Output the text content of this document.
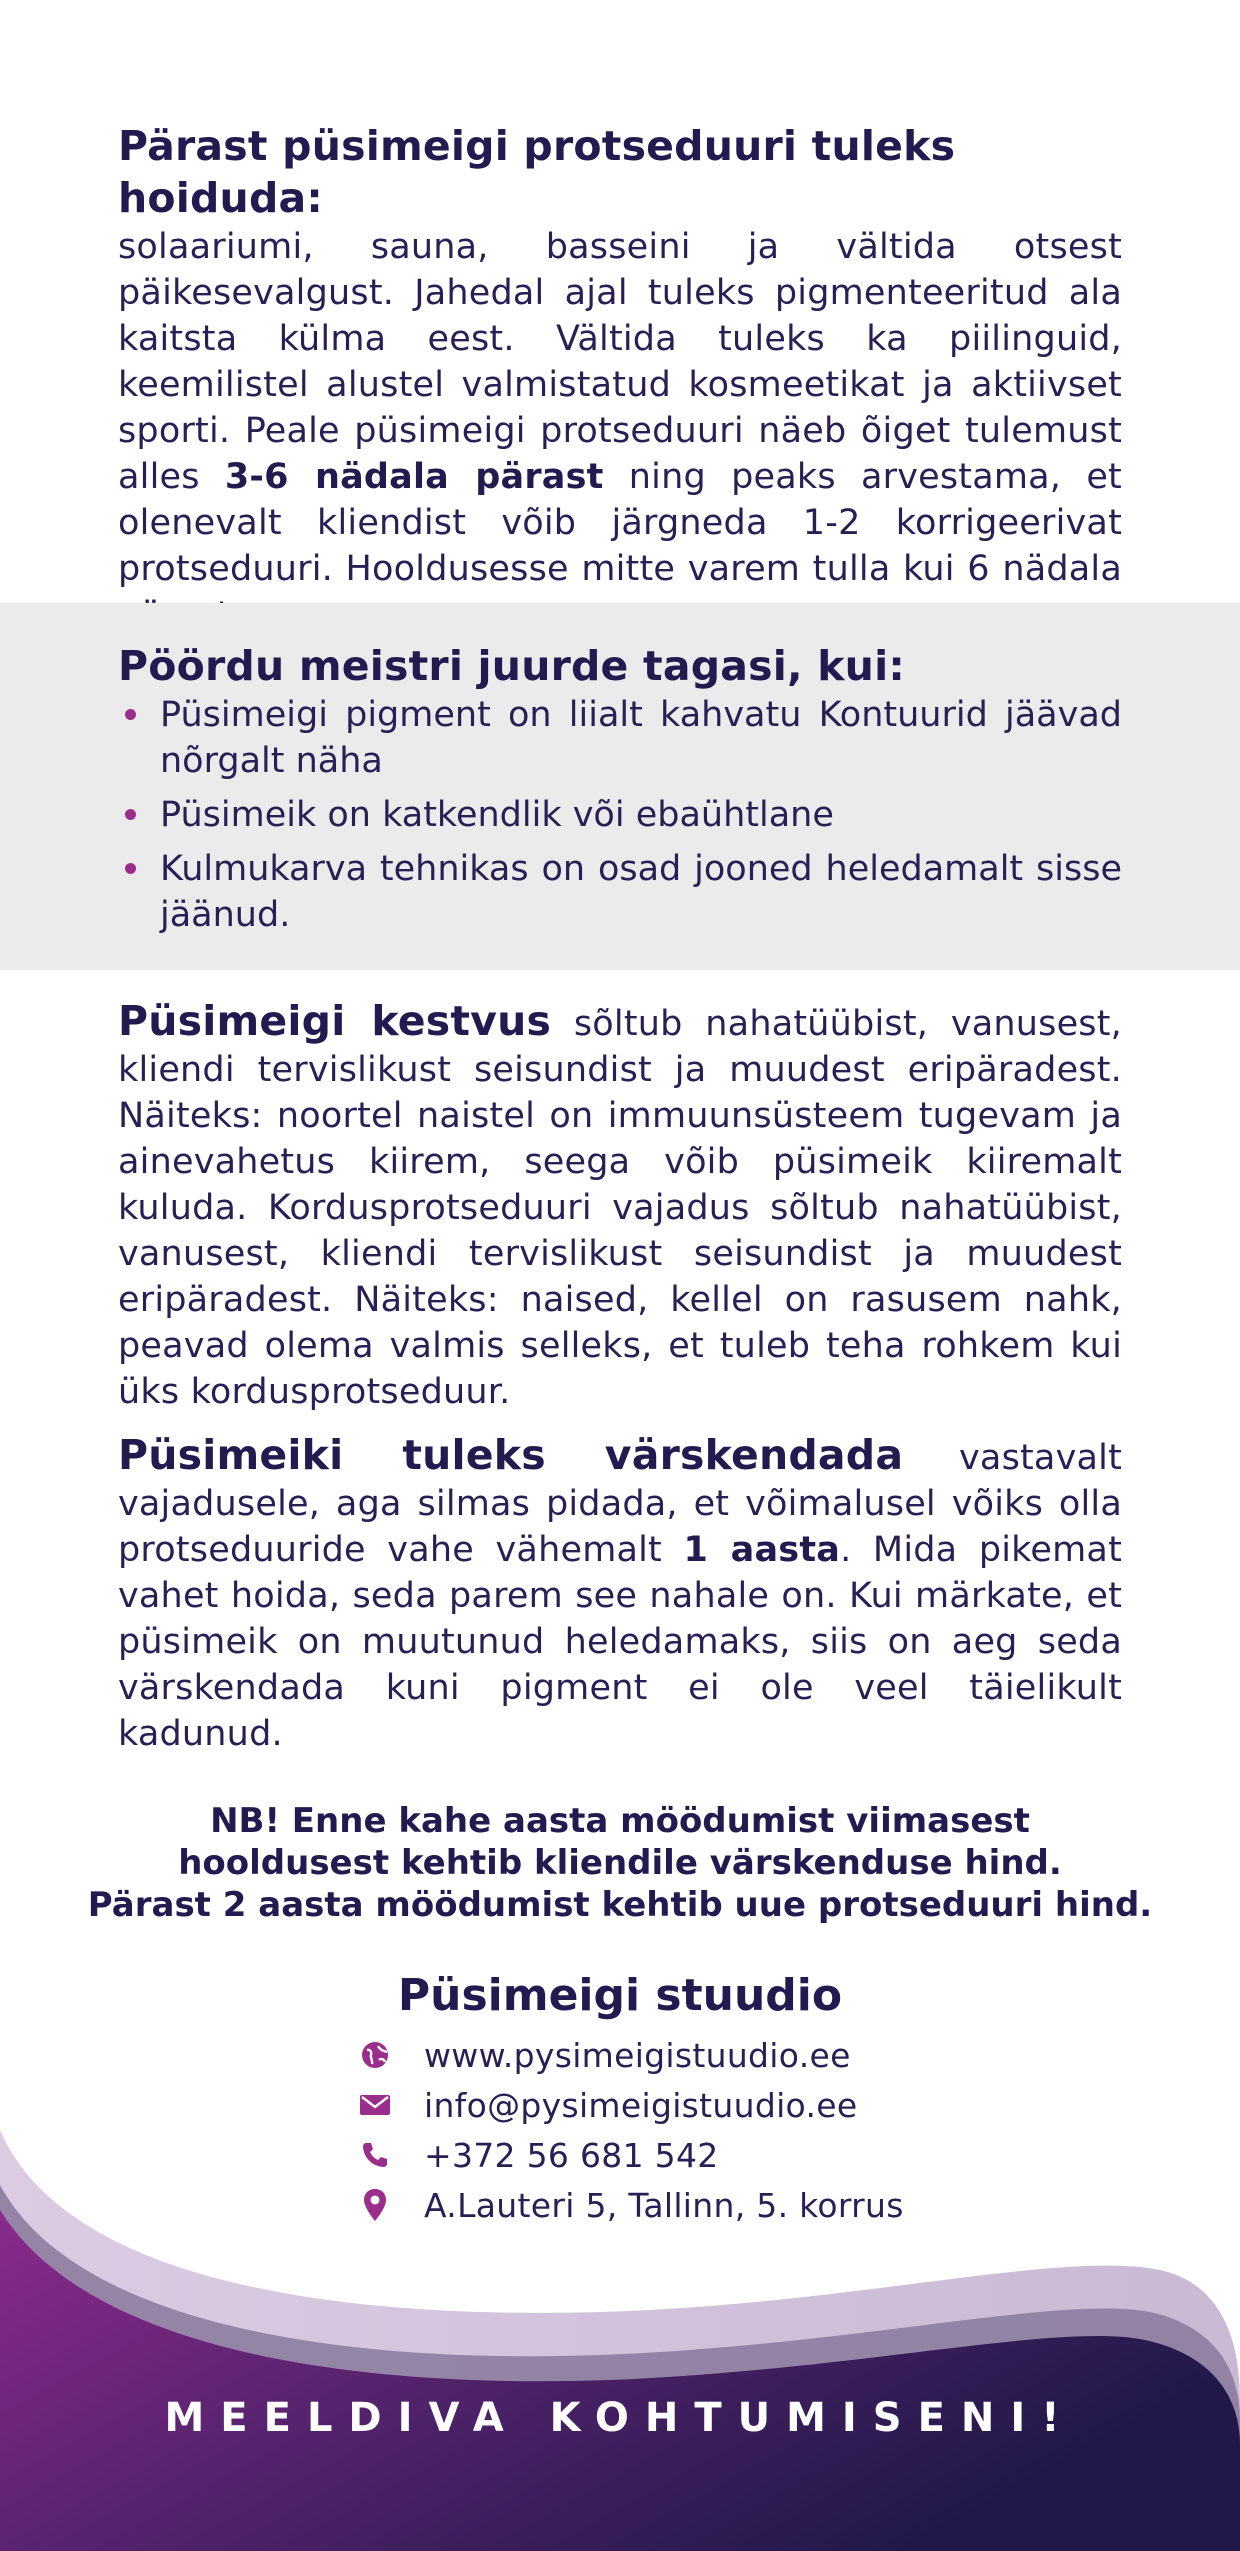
Pärast püsimeigi protseduuri tuleks hoiduda:

solaariumi, sauna, basseini ja vältida otsest päikesevalgust. Jahedal ajal tuleks pigmenteeritud ala kaitsta külma eest. Vältida tuleks ka piilinguid, keemilistel alustel valmistatud kosmeetikat ja aktiivset sporti. Peale püsimeigi protseduuri näeb õiget tulemust alles 3-6 nädala pärast ning peaks arvestama, et olenevalt kliendist võib järgneda 1-2 korrigeerivat protseduuri. Hooldusesse mitte varem tulla kui 6 nädala

Pöördu meistri juurde tagasi, kui:
Püsimeigi pigment on liialt kahvatu Kontuurid jäävad nõrgalt näha
Püsimeik on katkendlik või ebaühtlane
Kulmukarva tehnikas on osad jooned heledamalt sisse jäänud.

Püsimeigi kestvus sõltub nahatüübist, vanusest, kliendi tervislikust seisundist ja muudest eripäradest. Näiteks: noortel naistel on immuunsüsteem tugevam ja ainevahetus kiirem, seega võib püsimeik kiiremalt kuluda. Kordusprotseduuri vajadus sõltub nahatüübist, vanusest, kliendi tervislikust seisundist ja muudest eripäradest. Näiteks: naised, kellel on rasusem nahk, peavad olema valmis selleks, et tuleb teha rohkem kui üks kordusprotseduur.

Püsimeiki tuleks värskendada vastavalt vajadusele, aga silmas pidada, et võimalusel võiks olla protseduuride vahe vähemalt 1 aasta. Mida pikemat vahet hoida, seda parem see nahale on. Kui märkate, et püsimeik on muutunud heledamaks, siis on aeg seda värskendada kuni pigment ei ole veel täielikult kadunud.

NB! Enne kahe aasta möödumist viimasest
hooldusest kehtib kliendile värskenduse hind.
Pärast 2 aasta möödumist kehtib uue protseduuri hind.
Püsimeigi stuudio
www.pysimeigistuudio.ee
info@pysimeigistuudio.ee
+372 56 681 542
A.Lauteri 5, Tallinn, 5. korrus
MEELDIVA KOHTUMISENI!
